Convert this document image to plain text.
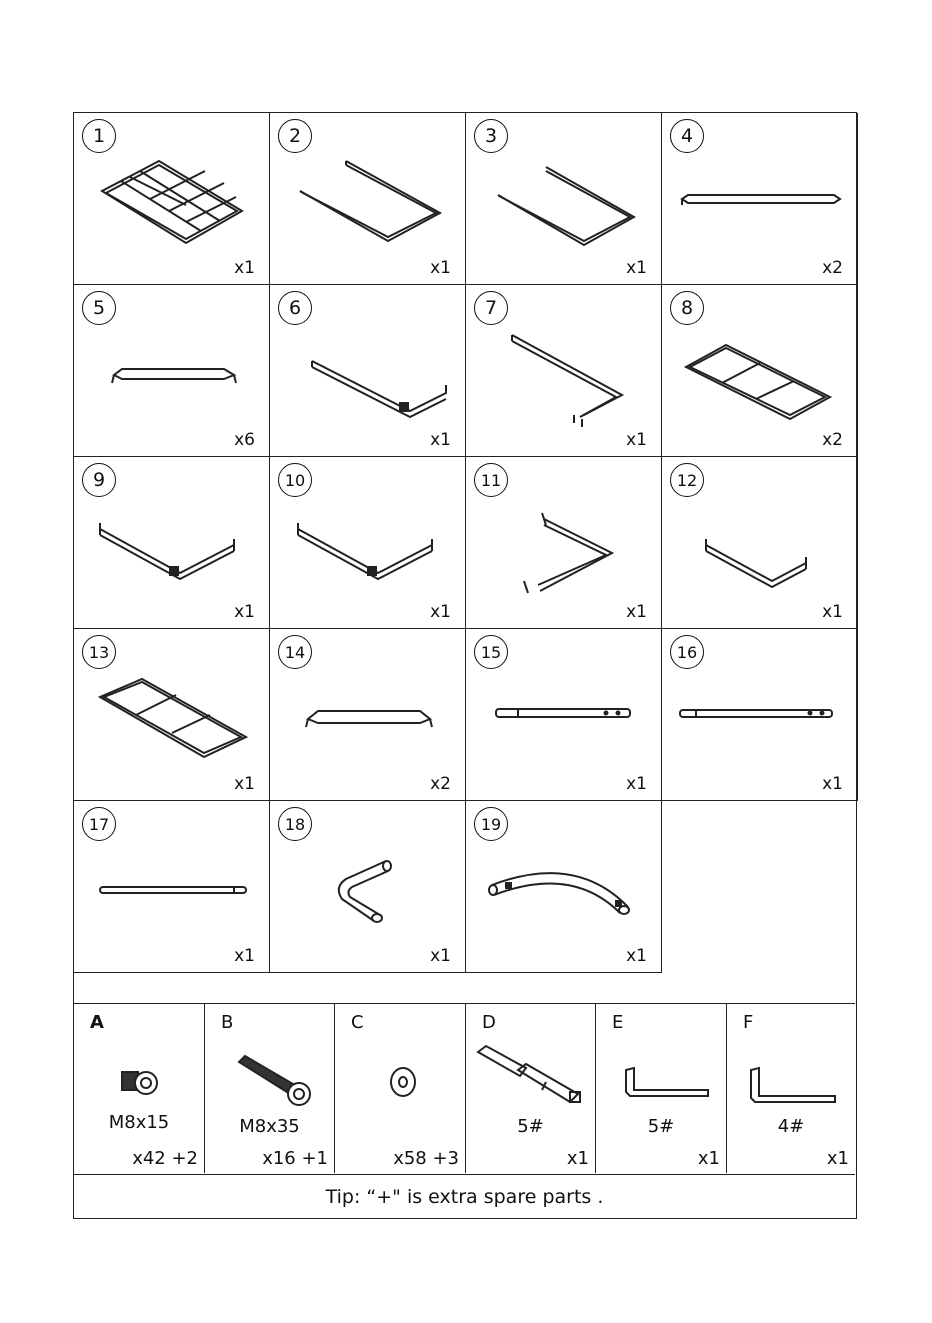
1
x1
2
x1
3
x1
4
x2
5
x6
6
x1
7
x1
8
x2
9
x1
10
x1
11
x1
12
x1
13
x1
14
x2
15
x1
16
x1
17
x1
18
x1
19
x1
A
M8x15
x42 +2
B
M8x35
x16 +1
C
x58 +3
D
5#
x1
E
5#
x1
F
4#
x1
Tip: “+" is extra spare parts .
